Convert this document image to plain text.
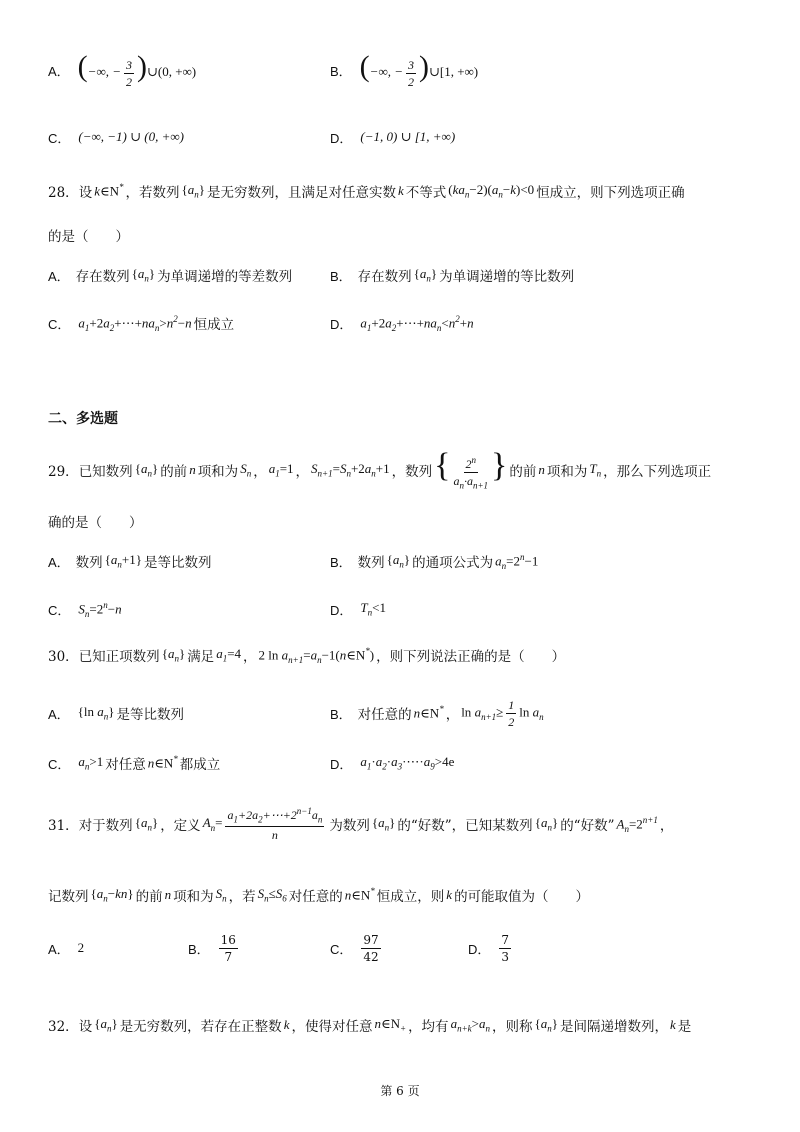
A． (−∞, − $\frac{3}{2}$ )∪(0, +∞)	B． (−∞, − $\frac{3}{2}$ )∪[1, +∞)
C． (−∞, −1) ∪ (0, +∞)	D． (−1, 0) ∪ [1, +∞)
28． 设 k∈N* ，若数列 $\{a_n\}$ 是无穷数列，且满足对任意实数 k 不等式 $(ka_n-2)(a_n-k)<0$ 恒成立，则下列选项正确
的是（　　）
A． 存在数列 $\{a_n\}$ 为单调递增的等差数列	B． 存在数列 $\{a_n\}$ 为单调递增的等比数列
C． $a_1+2a_2+\cdots+na_n>n^2-n$ 恒成立	D． $a_1+2a_2+\cdots+na_n<n^2+n$
二、多选题
29． 已知数列 $\{a_n\}$ 的前 n 项和为 $S_n$ ， $a_1=1$ ， $S_{n+1}=S_n+2a_n+1$ ，数列 { $\frac{2^n}{a_n\cdot a_{n+1}}$ } 的前 n 项和为 $T_n$ ，那么下列选项正
确的是（　　）
A． 数列 $\{a_n+1\}$ 是等比数列	B． 数列 $\{a_n\}$ 的通项公式为 $a_n=2^n-1$
C． $S_n=2^n-n$	D． $T_n<1$
30． 已知正项数列 $\{a_n\}$ 满足 $a_1=4$ ， 2 $\ln a_{n+1}=a_n-1(n\in N^*)$ ，则下列说法正确的是（　　）
A． {ln $a_n$} 是等比数列	B． 对任意的 n∈N* ， $\ln a_{n+1}\ge \frac{1}{2}$ $\ln a_n$
C． $a_n>1$ 对任意 n∈N* 都成立	D． $a_1\cdot a_2\cdot a_3\cdot\cdots\cdot a_9>4e$
31． 对于数列 $\{a_n\}$ ，定义 $A_n= \frac{a_1+2a_2+\cdots+2^{n-1}a_n}{n}$ 为数列 $\{a_n\}$ 的“好数”，已知某数列 $\{a_n\}$ 的“好数” $A_n=2^{n+1}$ ，
记数列 $\{a_n-kn\}$ 的前 n 项和为 $S_n$ ，若 $S_n\le S_6$ 对任意的 n∈N* 恒成立，则 k 的可能取值为（　　）
A． 2	B． $\frac{16}{7}$	C． $\frac{97}{42}$	D． $\frac{7}{3}$
32． 设 $\{a_n\}$ 是无穷数列，若存在正整数 k ，使得对任意 $n\in N_+$ ，均有 $a_{n+k}>a_n$ ，则称 $\{a_n\}$ 是间隔递增数列， k 是
第 6 页
